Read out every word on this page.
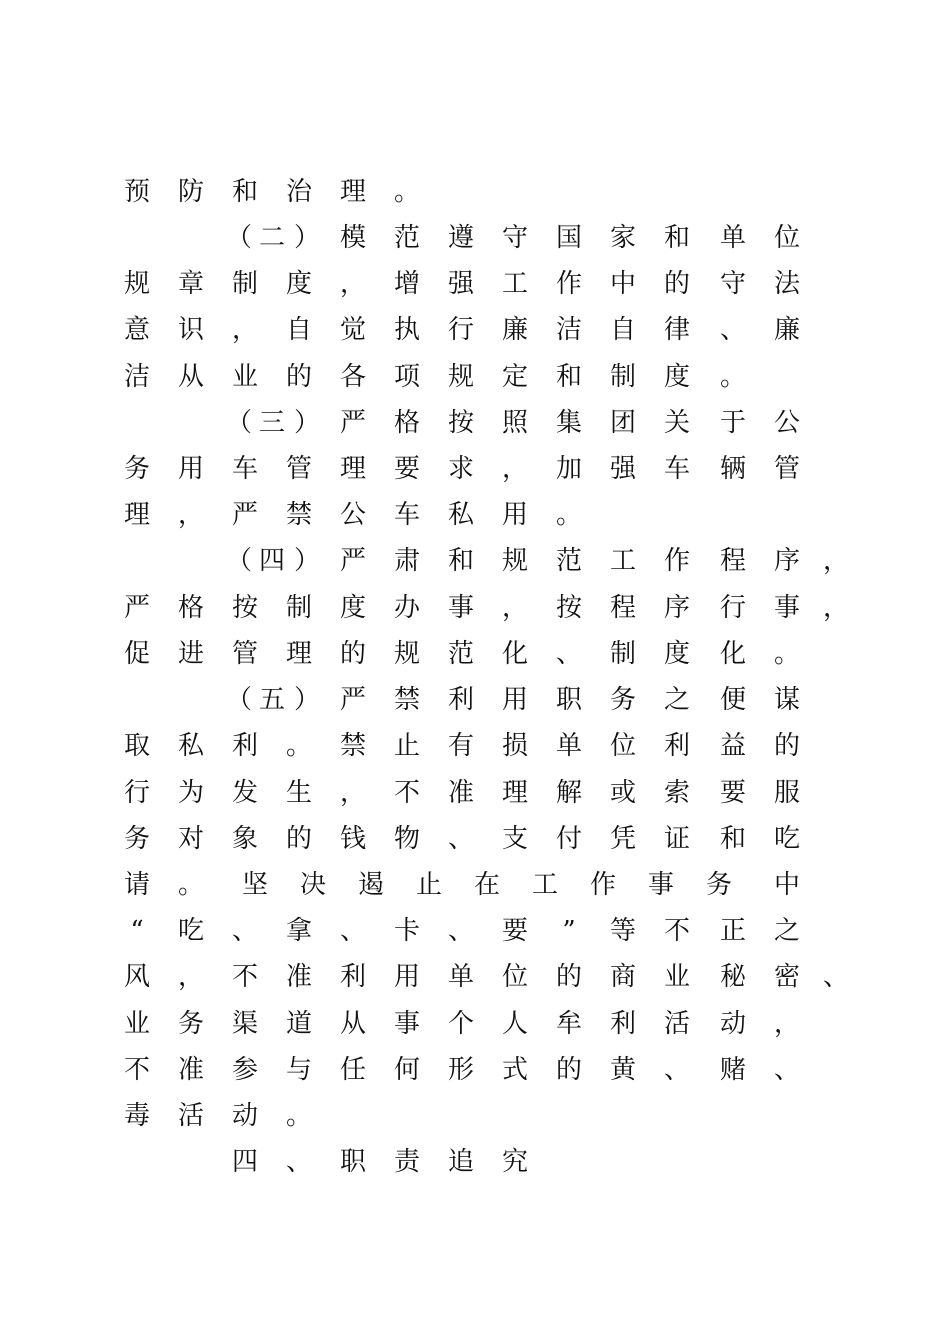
预 防 和 治 理 。
（ 二 ） 模 范 遵 守 国 家 和 单 位
规 章 制 度 ， 增 强 工 作 中 的 守 法
意 识 ， 自 觉 执 行 廉 洁 自 律 、 廉
洁 从 业 的 各 项 规 定 和 制 度 。
（ 三 ） 严 格 按 照 集 团 关 于 公
务 用 车 管 理 要 求 ， 加 强 车 辆 管
理 ， 严 禁 公 车 私 用 。
（ 四 ） 严 肃 和 规 范 工 作 程 序 ，
严 格 按 制 度 办 事 ， 按 程 序 行 事 ，
促 进 管 理 的 规 范 化 、 制 度 化 。
（ 五 ） 严 禁 利 用 职 务 之 便 谋
取 私 利 。 禁 止 有 损 单 位 利 益 的
行 为 发 生 ， 不 准 理 解 或 索 要 服
务 对 象 的 钱 物 、 支 付 凭 证 和 吃
请 。 坚 决 遏 止 在 工 作 事 务 中
“	吃 、 拿 、 卡 、 要	”	等 不 正 之
风 ， 不 准 利 用 单 位 的 商 业 秘 密 、
业 务 渠 道 从 事 个 人 牟 利 活 动 ，
不 准 参 与 任 何 形 式 的 黄 、 赌 、
毒 活 动 。
四 、 职 责 追 究
